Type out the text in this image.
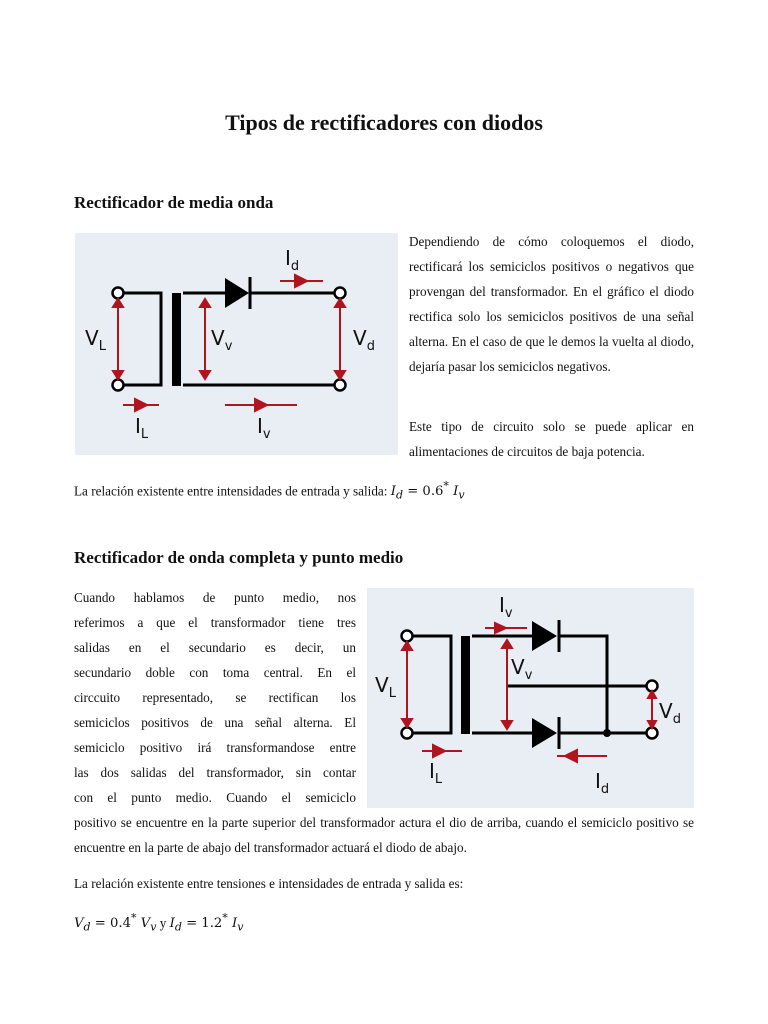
Tipos de rectificadores con diodos
Rectificador de media onda
$V_L$	$V_v$	$V_d$
$I_d$
$I_L$	$I_v$

Dependiendo de cómo coloquemos el diodo, rectificará los semiciclos positivos o negativos que provengan del transformador. En el gráfico el diodo rectifica solo los semiciclos positivos de una señal alterna. En el caso de que le demos la vuelta al diodo, dejaría pasar los semiciclos negativos.

Este tipo de circuito solo se puede aplicar en alimentaciones de circuitos de baja potencia.

La relación existente entre intensidades de entrada y salida: $I_d = 0.6^*$ $I_v$

Rectificador de onda completa y punto medio

Cuando hablamos de punto medio, nos

referimos a que el transformador tiene tres

salidas en el secundario es decir, un

secundario doble con toma central. En el

circcuito representado, se rectifican los

semiciclos positivos de una señal alterna. El

semiciclo positivo irá transformandose entre

las dos salidas del transformador, sin contar

con el punto medio. Cuando el semiciclo

$V_L$
$V_v$
$V_d$
$I_v$
$I_L$	$I_d$

positivo se encuentre en la parte superior del transformador actura el dio de arriba, cuando el semiciclo positivo se encuentre en la parte de abajo del transformador actuará el diodo de abajo.

La relación existente entre tensiones e intensidades de entrada y salida es:

$V_d = 0.4^*$ $V_v$ y $I_d = 1.2^*$ $I_v$
